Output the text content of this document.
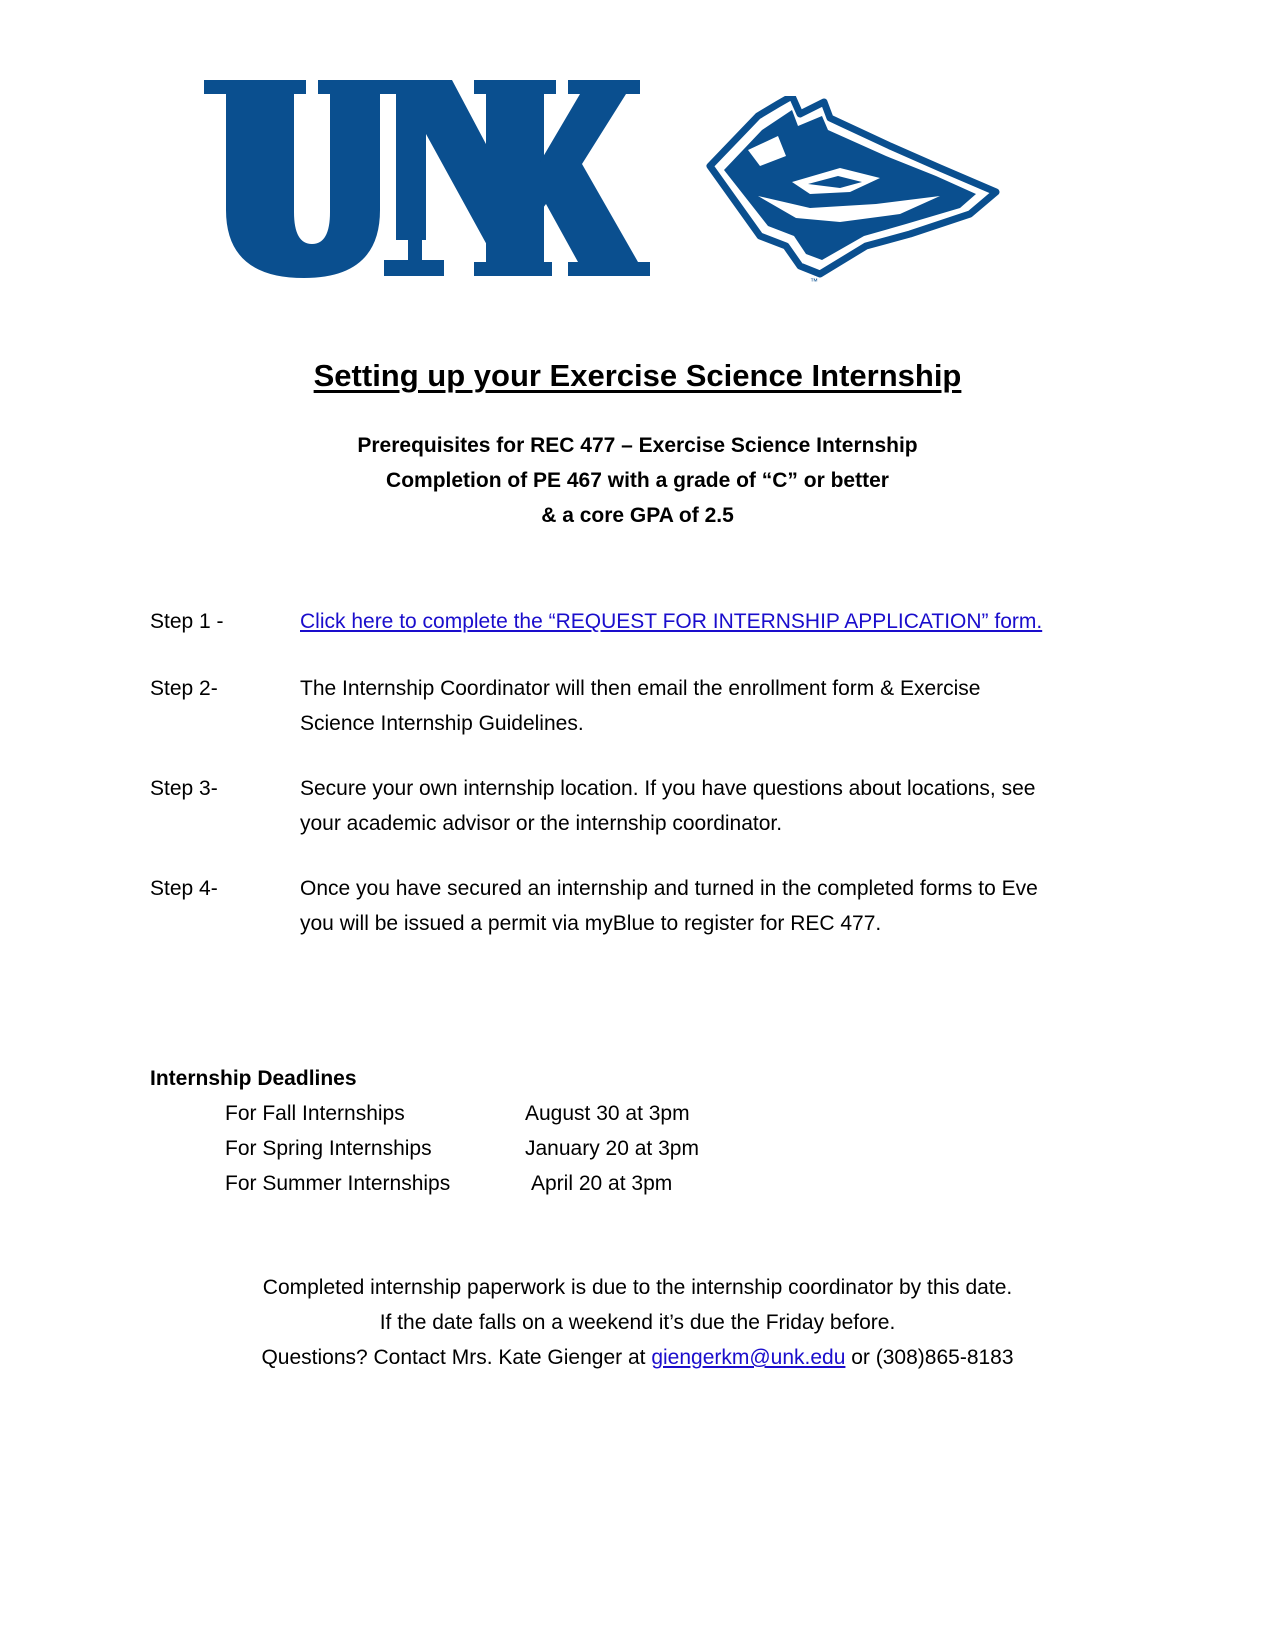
™
Setting up your Exercise Science Internship
Prerequisites for REC 477 – Exercise Science Internship
Completion of PE 467 with a grade of “C” or better
& a core GPA of 2.5
Step 1 -	Click here to complete the “REQUEST FOR INTERNSHIP APPLICATION” form.
Step 2-	The Internship Coordinator will then email the enrollment form & Exercise
Science Internship Guidelines.
Step 3-	Secure your own internship location. If you have questions about locations, see
your academic advisor or the internship coordinator.
Step 4-	Once you have secured an internship and turned in the completed forms to Eve
you will be issued a permit via myBlue to register for REC 477.
Internship Deadlines
For Fall Internships	August 30 at 3pm
For Spring Internships	January 20 at 3pm
For Summer Internships	April 20 at 3pm
Completed internship paperwork is due to the internship coordinator by this date.
If the date falls on a weekend it’s due the Friday before.
Questions? Contact Mrs. Kate Gienger at giengerkm@unk.edu or (308)865-8183
